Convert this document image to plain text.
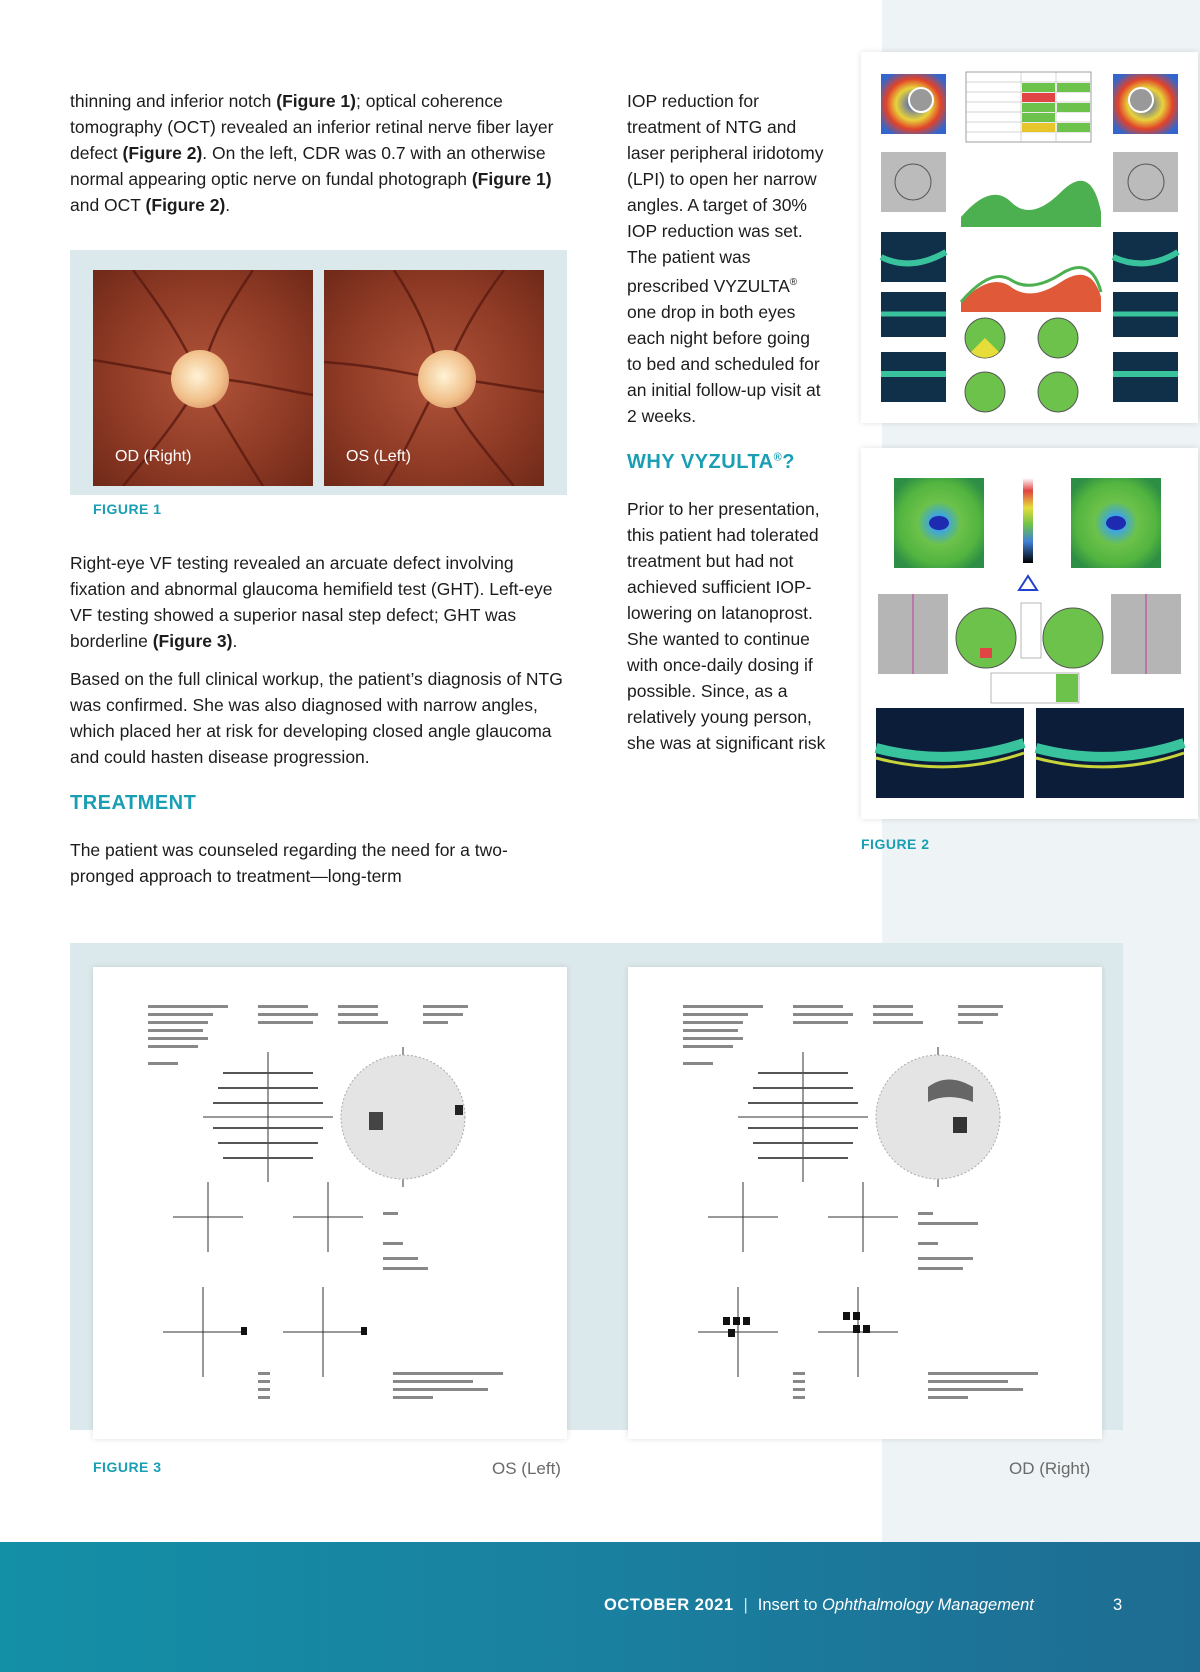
thinning and inferior notch (Figure 1); optical coherence tomography (OCT) revealed an inferior retinal nerve fiber layer defect (Figure 2). On the left, CDR was 0.7 with an otherwise normal appearing optic nerve on fundal photograph (Figure 1) and OCT (Figure 2).

OD (Right)	OS (Left)
FIGURE 1

Right-eye VF testing revealed an arcuate defect involving fixation and abnormal glaucoma hemifield test (GHT). Left-eye VF testing showed a superior nasal step defect; GHT was borderline (Figure 3).

Based on the full clinical workup, the patient’s diagnosis of NTG was confirmed. She was also diagnosed with narrow angles, which placed her at risk for developing closed angle glaucoma and could hasten disease progression.

TREATMENT

The patient was counseled regarding the need for a two-pronged approach to treatment—long-term

IOP reduction for treatment of NTG and laser peripheral iridotomy (LPI) to open her narrow angles. A target of 30% IOP reduction was set. The patient was prescribed VYZULTA® one drop in both eyes each night before going to bed and scheduled for an initial follow-up visit at 2 weeks.

WHY VYZULTA®?

Prior to her presentation, this patient had tolerated treatment but had not achieved sufficient IOP-lowering on latanoprost. She wanted to continue with once-daily dosing if possible. Since, as a relatively young person, she was at significant risk

FIGURE 2
FIGURE 3	OS (Left)	OD (Right)
OCTOBER 2021 | Insert to Ophthalmology Management	3
